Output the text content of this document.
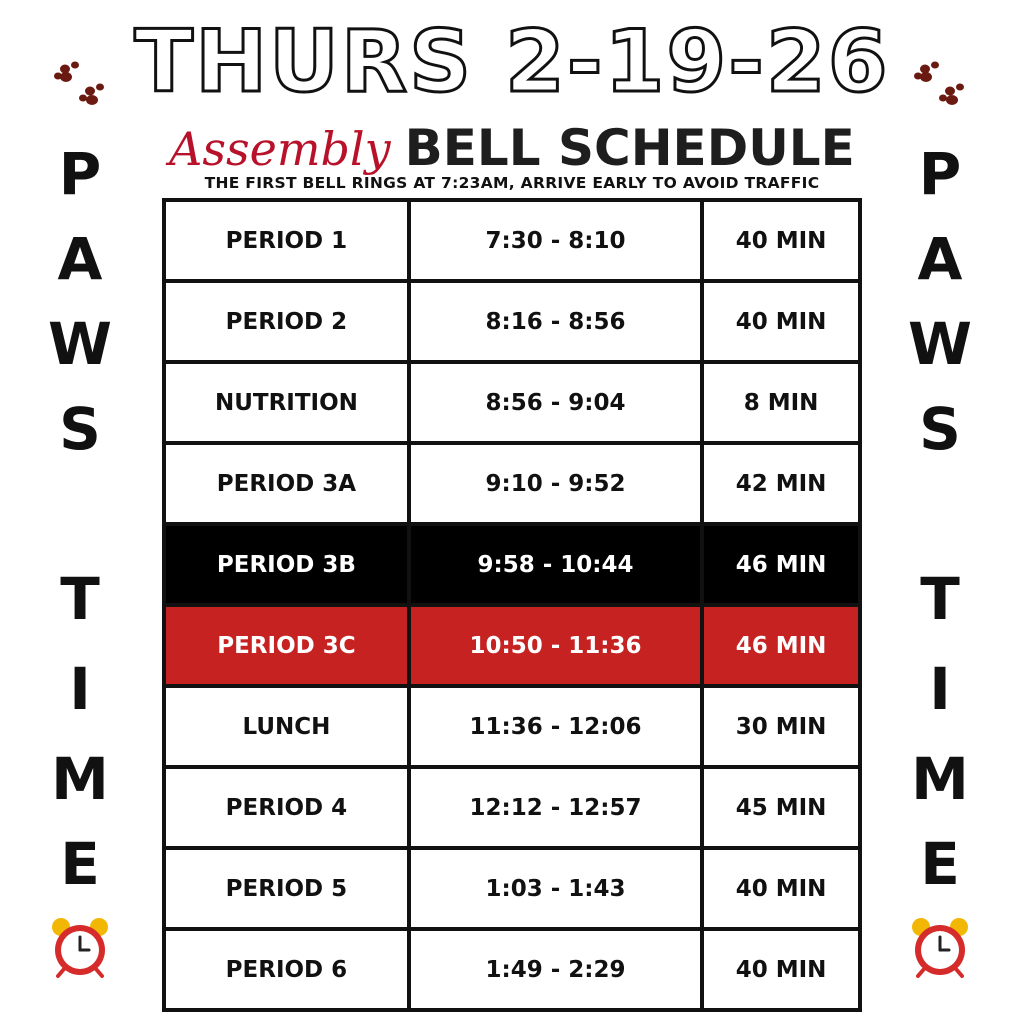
THURS 2-19-26
Assembly BELL SCHEDULE
THE FIRST BELL RINGS AT 7:23AM, ARRIVE EARLY TO AVOID TRAFFIC
PERIOD 1	7:30 - 8:10	40 MIN
PERIOD 2	8:16 - 8:56	40 MIN
NUTRITION	8:56 - 9:04	8 MIN
PERIOD 3A	9:10 - 9:52	42 MIN
PERIOD 3B	9:58 - 10:44	46 MIN
PERIOD 3C	10:50 - 11:36	46 MIN
LUNCH	11:36 - 12:06	30 MIN
PERIOD 4	12:12 - 12:57	45 MIN
PERIOD 5	1:03 - 1:43	40 MIN
PERIOD 6	1:49 - 2:29	40 MIN
P
A
W
S
T
I
M
E
P
A
W
S
T
I
M
E
